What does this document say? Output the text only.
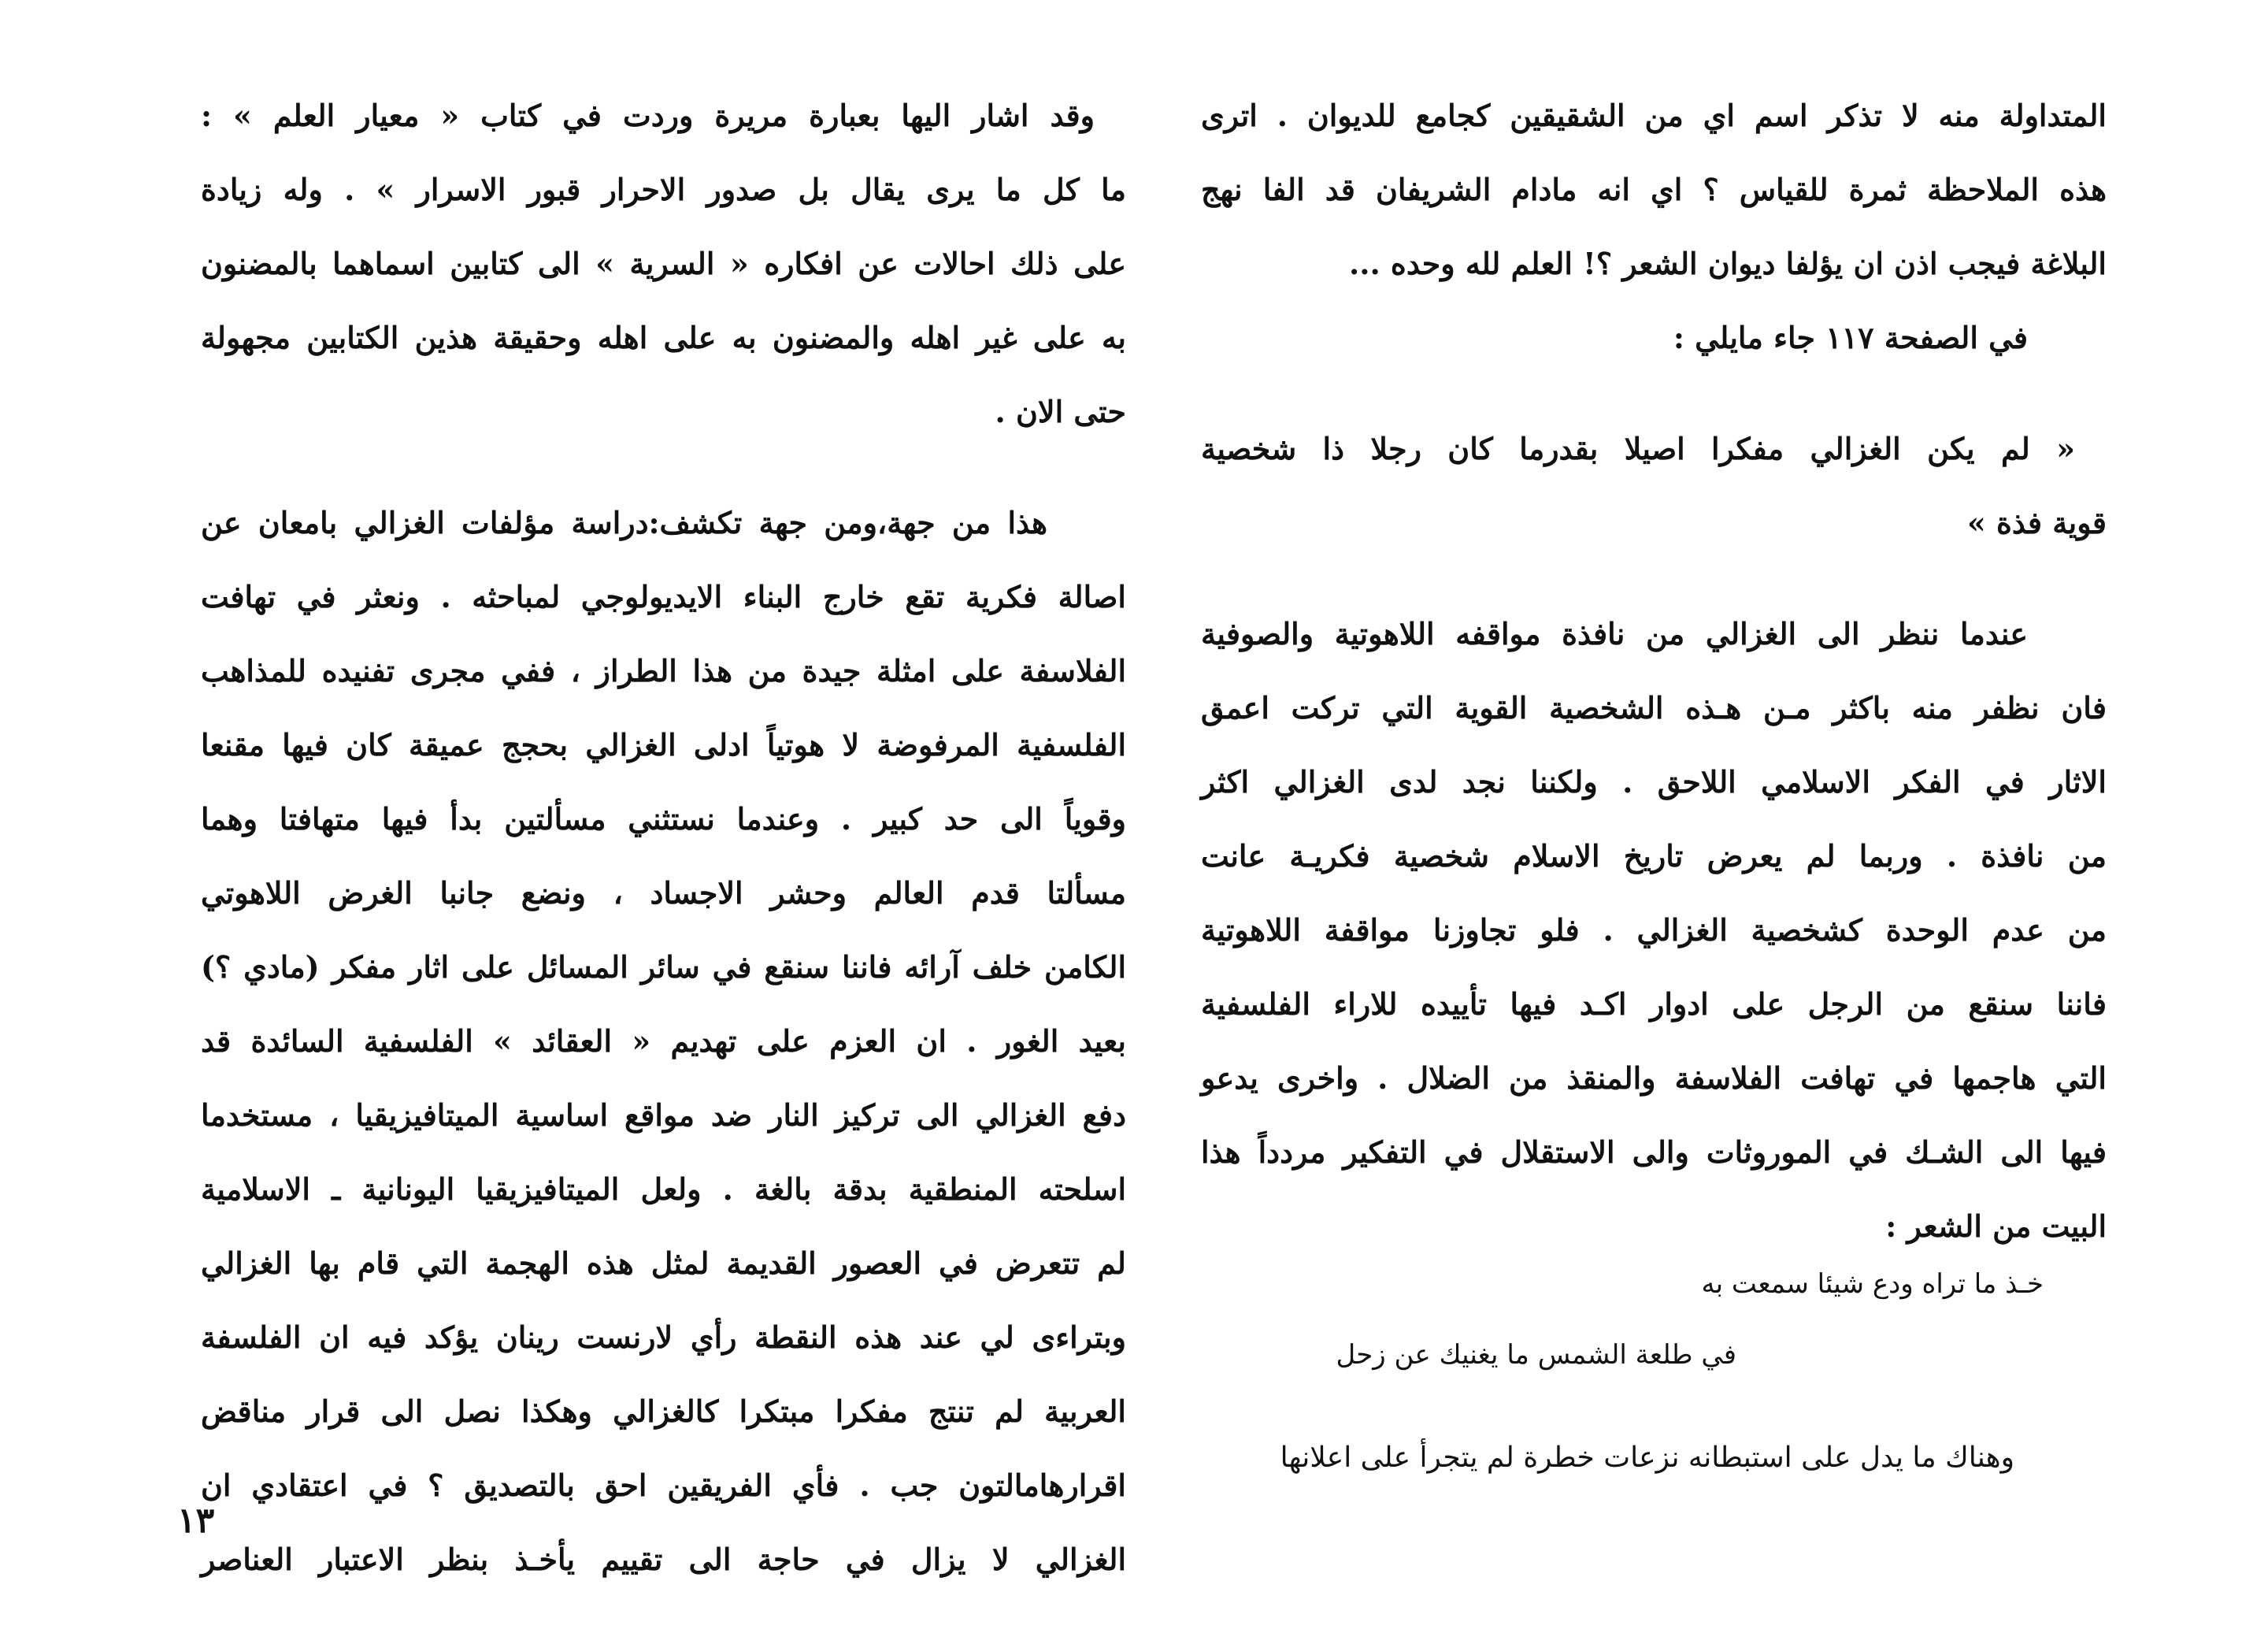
المتداولة منه لا تذكر اسم اي من الشقيقين كجامع للديوان . اترى
هذه الملاحظة ثمرة للقياس ؟ اي انه مادام الشريفان قد الفا نهج
البلاغة فيجب اذن ان يؤلفا ديوان الشعر ؟! العلم لله وحده ...
في الصفحة ١١٧ جاء مايلي :
« لم يكن الغزالي مفكرا اصيلا بقدرما كان رجلا ذا شخصية
قوية فذة »
عندما ننظر الى الغزالي من نافذة مواقفه اللاهوتية والصوفية
فان نظفر منه باكثر مـن هـذه الشخصية القوية التي تركت اعمق
الاثار في الفكر الاسلامي اللاحق . ولكننا نجد لدى الغزالي اكثر
من نافذة . وربما لم يعرض تاريخ الاسلام شخصية فكريـة عانت
من عدم الوحدة كشخصية الغزالي . فلو تجاوزنا مواقفة اللاهوتية
فاننا سنقع من الرجل على ادوار اكـد فيها تأييده للاراء الفلسفية
التي هاجمها في تهافت الفلاسفة والمنقذ من الضلال . واخرى يدعو
فيها الى الشـك في الموروثات والى الاستقلال في التفكير مردداً هذا
البيت من الشعر :
خـذ ما تراه ودع شيئا سمعت به
في طلعة الشمس ما يغنيك عن زحل
وهناك ما يدل على استبطانه نزعات خطرة لم يتجرأ على اعلانها
وقد اشار اليها بعبارة مريرة وردت في كتاب « معيار العلم » :
ما كل ما يرى يقال بل صدور الاحرار قبور الاسرار » . وله زيادة
على ذلك احالات عن افكاره « السرية » الى كتابين اسماهما بالمضنون
به على غير اهله والمضنون به على اهله وحقيقة هذين الكتابين مجهولة
حتى الان .
هذا من جهة،ومن جهة تكشف:دراسة مؤلفات الغزالي بامعان عن
اصالة فكرية تقع خارج البناء الايديولوجي لمباحثه . ونعثر في تهافت
الفلاسفة على امثلة جيدة من هذا الطراز ، ففي مجرى تفنيده للمذاهب
الفلسفية المرفوضة لا هوتياً ادلى الغزالي بحجج عميقة كان فيها مقنعا
وقوياً الى حد كبير . وعندما نستثني مسألتين بدأ فيها متهافتا وهما
مسألتا قدم العالم وحشر الاجساد ، ونضع جانبا الغرض اللاهوتي
الكامن خلف آرائه فاننا سنقع في سائر المسائل على اثار مفكر (مادي ؟)
بعيد الغور . ان العزم على تهديم « العقائد » الفلسفية السائدة قد
دفع الغزالي الى تركيز النار ضد مواقع اساسية الميتافيزيقيا ، مستخدما
اسلحته المنطقية بدقة بالغة . ولعل الميتافيزيقيا اليونانية ـ الاسلامية
لم تتعرض في العصور القديمة لمثل هذه الهجمة التي قام بها الغزالي
وبتراءى لي عند هذه النقطة رأي لارنست رينان يؤكد فيه ان الفلسفة
العربية لم تنتج مفكرا مبتكرا كالغزالي وهكذا نصل الى قرار مناقض
اقرارهامالتون جب . فأي الفريقين احق بالتصديق ؟ في اعتقادي ان
الغزالي لا يزال في حاجة الى تقييم يأخـذ بنظر الاعتبار العناصر
١٣
